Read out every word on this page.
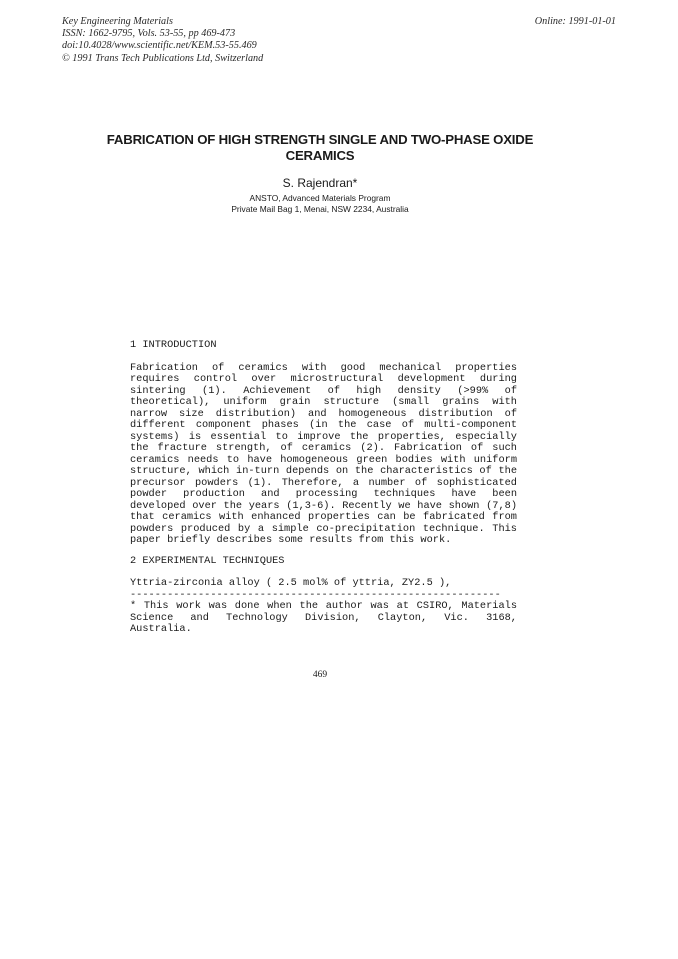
Key Engineering Materials
ISSN: 1662-9795, Vols. 53-55, pp 469-473
doi:10.4028/www.scientific.net/KEM.53-55.469
© 1991 Trans Tech Publications Ltd, Switzerland
Online: 1991-01-01
FABRICATION OF HIGH STRENGTH SINGLE AND TWO-PHASE OXIDE
CERAMICS
S. Rajendran*
ANSTO, Advanced Materials Program
Private Mail Bag 1, Menai, NSW 2234, Australia

1 INTRODUCTION

Fabrication of ceramics with good mechanical properties requires control over microstructural development during sintering (1). Achievement of high density (>99% of theoretical), uniform grain structure (small grains with narrow size distribution) and homogeneous distribution of different component phases (in the case of multi-component systems) is essential to improve the properties, especially the fracture strength, of ceramics (2). Fabrication of such ceramics needs to have homogeneous green bodies with uniform structure, which in-turn depends on the characteristics of the precursor powders (1). Therefore, a number of sophisticated powder production and processing techniques have been developed over the years (1,3-6). Recently we have shown (7,8) that ceramics with enhanced properties can be fabricated from powders produced by a simple co-precipitation technique. This paper briefly describes some results from this work.

2 EXPERIMENTAL TECHNIQUES

Yttria-zirconia alloy ( 2.5 mol% of yttria, ZY2.5 ),

------------------------------------------------------------

* This work was done when the author was at CSIRO, Materials Science and Technology Division, Clayton, Vic. 3168, Australia.

469
